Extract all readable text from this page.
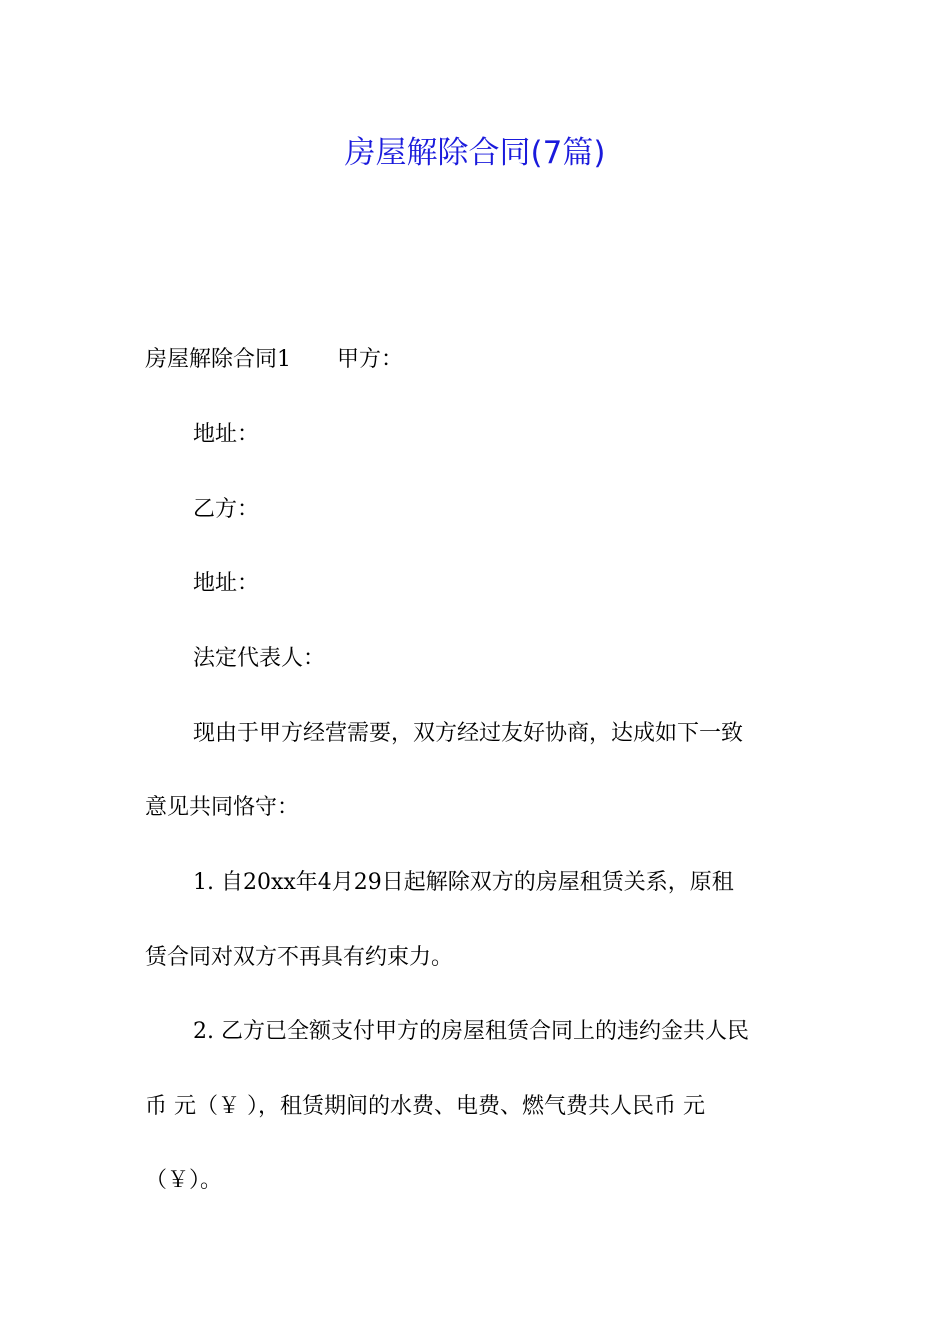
房屋解除合同(7篇)

房屋解除合同1 甲方：

地址：

乙方：

地址：

法定代表人：

现由于甲方经营需要，双方经过友好协商，达成如下一致

意见共同恪守：

1. 自20xx年4月29日起解除双方的房屋租赁关系，原租

赁合同对双方不再具有约束力。

2. 乙方已全额支付甲方的房屋租赁合同上的违约金共人民

币 元（￥ ），租赁期间的水费、电费、燃气费共人民币 元

（￥）。
